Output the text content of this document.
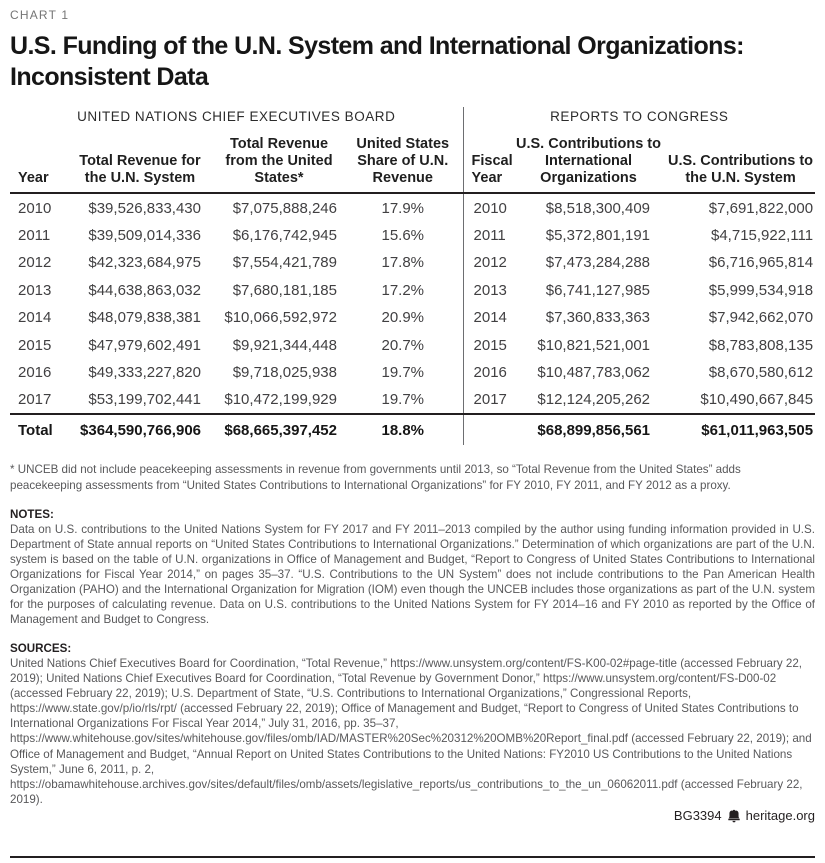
CHART 1
U.S. Funding of the U.N. System and International Organizations:
Inconsistent Data
UNITED NATIONS CHIEF EXECUTIVES BOARD				REPORTS TO CONGRESS		
Year	Total Revenue for the U.N. System	Total Revenue from the United States*	United States Share of U.N. Revenue	Fiscal Year	U.S. Contributions to International Organizations	U.S. Contributions to the U.N. System
2010	$39,526,833,430	$7,075,888,246	17.9%	2010	$8,518,300,409	$7,691,822,000
2011	$39,509,014,336	$6,176,742,945	15.6%	2011	$5,372,801,191	$4,715,922,111
2012	$42,323,684,975	$7,554,421,789	17.8%	2012	$7,473,284,288	$6,716,965,814
2013	$44,638,863,032	$7,680,181,185	17.2%	2013	$6,741,127,985	$5,999,534,918
2014	$48,079,838,381	$10,066,592,972	20.9%	2014	$7,360,833,363	$7,942,662,070
2015	$47,979,602,491	$9,921,344,448	20.7%	2015	$10,821,521,001	$8,783,808,135
2016	$49,333,227,820	$9,718,025,938	19.7%	2016	$10,487,783,062	$8,670,580,612
2017	$53,199,702,441	$10,472,199,929	19.7%	2017	$12,124,205,262	$10,490,667,845
Total	$364,590,766,906	$68,665,397,452	18.8%		$68,899,856,561	$61,011,963,505
* UNCEB did not include peacekeeping assessments in revenue from governments until 2013, so “Total Revenue from the United States” adds peacekeeping assessments from “United States Contributions to International Organizations” for FY 2010, FY 2011, and FY 2012 as a proxy.
NOTES:
Data on U.S. contributions to the United Nations System for FY 2017 and FY 2011–2013 compiled by the author using funding information provided in U.S. Department of State annual reports on “United States Contributions to International Organizations.” Determination of which organizations are part of the U.N. system is based on the table of U.N. organizations in Office of Management and Budget, “Report to Congress of United States Contributions to International Organizations for Fiscal Year 2014,” on pages 35–37. “U.S. Contributions to the UN System” does not include contributions to the Pan American Health Organization (PAHO) and the International Organization for Migration (IOM) even though the UNCEB includes those organizations as part of the U.N. system for the purposes of calculating revenue. Data on U.S. contributions to the United Nations System for FY 2014–16 and FY 2010 as reported by the Office of Management and Budget to Congress.
SOURCES:
United Nations Chief Executives Board for Coordination, “Total Revenue,” https://www.unsystem.org/content/FS-K00-02#page-title (accessed February 22, 2019); United Nations Chief Executives Board for Coordination, “Total Revenue by Government Donor,” https://www.unsystem.org/content/FS-D00-02 (accessed February 22, 2019); U.S. Department of State, “U.S. Contributions to International Organizations,” Congressional Reports, https://www.state.gov/p/io/rls/rpt/ (accessed February 22, 2019); Office of Management and Budget, “Report to Congress of United States Contributions to International Organizations For Fiscal Year 2014,” July 31, 2016, pp. 35–37, https://www.whitehouse.gov/sites/whitehouse.gov/files/omb/IAD/MASTER%20Sec%20312%20OMB%20Report_final.pdf (accessed February 22, 2019); and Office of Management and Budget, “Annual Report on United States Contributions to the United Nations: FY2010 US Contributions to the United Nations System,” June 6, 2011, p. 2, https://obamawhitehouse.archives.gov/sites/default/files/omb/assets/legislative_reports/us_contributions_to_the_un_06062011.pdf (accessed February 22, 2019).
BG3394 heritage.org
